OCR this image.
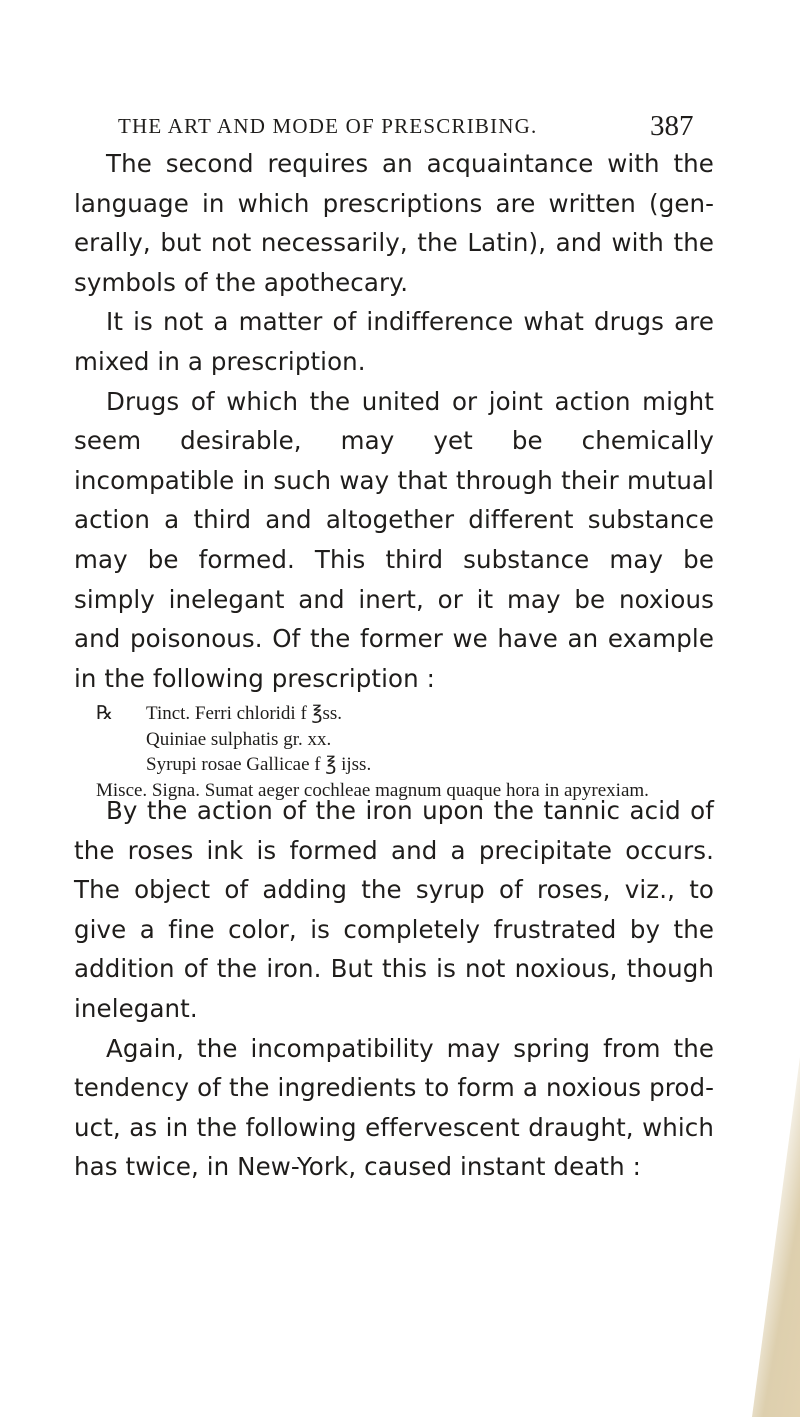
THE ART AND MODE OF PRESCRIBING.	387

The second requires an acquaintance with the language in which prescriptions are written (generally, but not necessarily, the Latin), and with the symbols of the apothecary.

It is not a matter of indifference what drugs are mixed in a prescription.

Drugs of which the united or joint action might seem desirable, may yet be chemically incompatible in such way that through their mutual action a third and altogether different substance may be formed. This third substance may be simply inelegant and inert, or it may be noxious and poisonous. Of the former we have an example in the following prescription :

℞ Tinct. Ferri chloridi f ℥ss.
Quiniae sulphatis gr. xx.
Syrupi rosae Gallicae f ℥ ijss.

Misce. Signa. Sumat aeger cochleae magnum quaque hora in apyrexiam.

By the action of the iron upon the tannic acid of the roses ink is formed and a precipitate occurs. The object of adding the syrup of roses, viz., to give a fine color, is completely frustrated by the addition of the iron. But this is not noxious, though inelegant.

Again, the incompatibility may spring from the tendency of the ingredients to form a noxious product, as in the following effervescent draught, which has twice, in New-York, caused instant death :
